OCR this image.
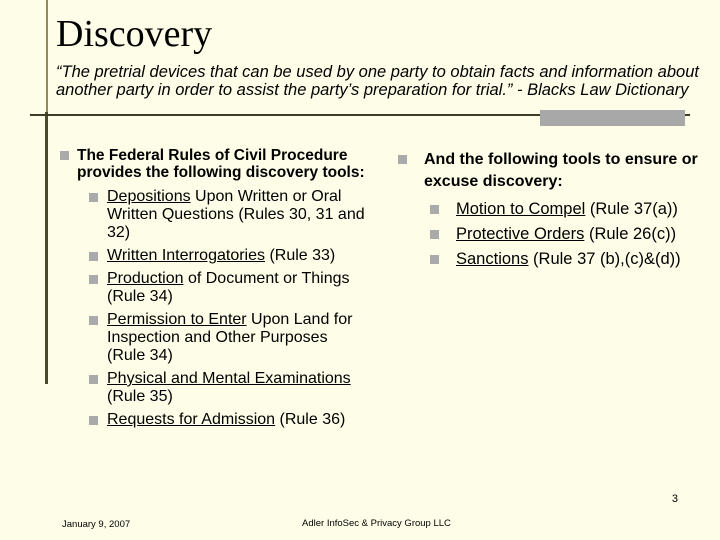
Discovery
“The pretrial devices that can be used by one party to obtain facts and information about another party in order to assist the party’s preparation for trial.” - Blacks Law Dictionary
The Federal Rules of Civil Procedure provides the following discovery tools:
Depositions Upon Written or Oral Written Questions (Rules 30, 31 and 32)
Written Interrogatories (Rule 33)
Production of Document or Things (Rule 34)
Permission to Enter Upon Land for Inspection and Other Purposes (Rule 34)
Physical and Mental Examinations (Rule 35)
Requests for Admission (Rule 36)
And the following tools to ensure or excuse discovery:
Motion to Compel (Rule 37(a))
Protective Orders (Rule 26(c))
Sanctions (Rule 37 (b),(c)&(d))
3
January 9, 2007	Adler InfoSec & Privacy Group LLC
